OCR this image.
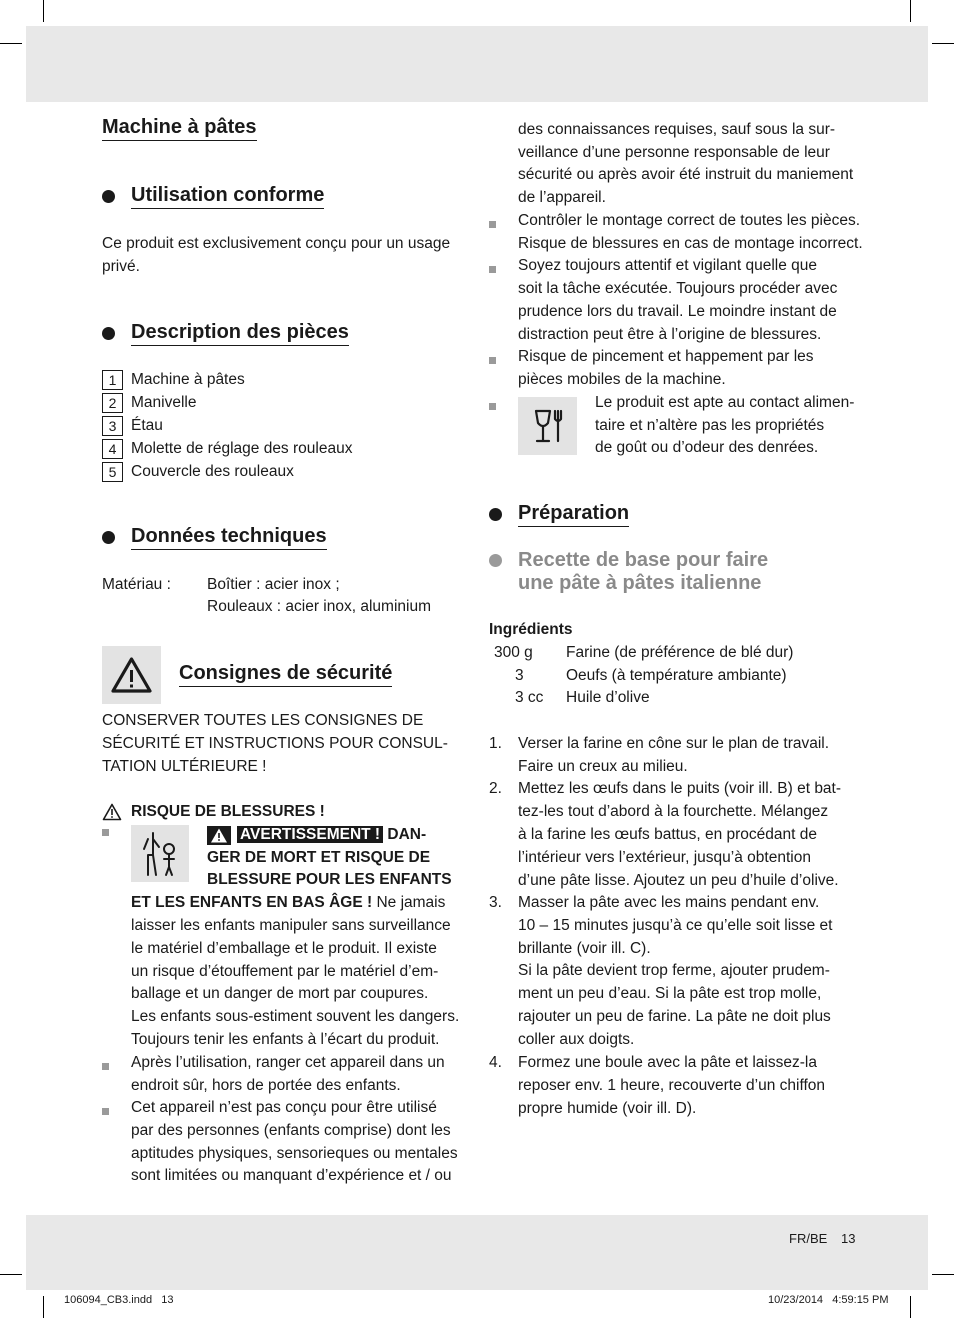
Machine à pâtes
Utilisation conforme
Ce produit est exclusivement conçu pour un usage
privé.
Description des pièces
1 Machine à pâtes
2 Manivelle
3 Étau
4 Molette de réglage des rouleaux
5 Couvercle des rouleaux
Données techniques
Matériau : Boîtier : acier inox ;
Rouleaux : acier inox, aluminium
Consignes de sécurité
CONSERVER TOUTES LES CONSIGNES DE
SÉCURITÉ ET INSTRUCTIONS POUR CONSUL-
TATION ULTÉRIEURE !
RISQUE DE BLESSURES !
AVERTISSEMENT ! DAN-
GER DE MORT ET RISQUE DE
BLESSURE POUR LES ENFANTS
ET LES ENFANTS EN BAS ÂGE ! Ne jamais
laisser les enfants manipuler sans surveillance
le matériel d’emballage et le produit. Il existe
un risque d’étouffement par le matériel d’em-
ballage et un danger de mort par coupures.
Les enfants sous-estiment souvent les dangers.
Toujours tenir les enfants à l’écart du produit.
Après l’utilisation, ranger cet appareil dans un
endroit sûr, hors de portée des enfants.
Cet appareil n’est pas conçu pour être utilisé
par des personnes (enfants comprise) dont les
aptitudes physiques, sensorieques ou mentales
sont limitées ou manquant d’expérience et / ou
des connaissances requises, sauf sous la sur-
veillance d’une personne responsable de leur
sécurité ou après avoir été instruit du maniement
de l’appareil.
Contrôler le montage correct de toutes les pièces.
Risque de blessures en cas de montage incorrect.
Soyez toujours attentif et vigilant quelle que
soit la tâche exécutée. Toujours procéder avec
prudence lors du travail. Le moindre instant de
distraction peut être à l’origine de blessures.
Risque de pincement et happement par les
pièces mobiles de la machine.
Le produit est apte au contact alimen-
taire et n’altère pas les propriétés
de goût ou d’odeur des denrées.
Préparation
Recette de base pour faire
une pâte à pâtes italienne
Ingrédients
300 g Farine (de préférence de blé dur)
3	Oeufs (à température ambiante)
3 cc Huile d’olive
1. Verser la farine en cône sur le plan de travail.
Faire un creux au milieu.
2. Mettez les œufs dans le puits (voir ill. B) et bat-
tez-les tout d’abord à la fourchette. Mélangez
à la farine les œufs battus, en procédant de
l’intérieur vers l’extérieur, jusqu’à obtention
d’une pâte lisse. Ajoutez un peu d’huile d’olive.
3. Masser la pâte avec les mains pendant env.
10 – 15 minutes jusqu’à ce qu’elle soit lisse et
brillante (voir ill. C).
Si la pâte devient trop ferme, ajouter prudem-
ment un peu d’eau. Si la pâte est trop molle,
rajouter un peu de farine. La pâte ne doit plus
coller aux doigts.
4. Formez une boule avec la pâte et laissez-la
reposer env. 1 heure, recouverte d’un chiffon
propre humide (voir ill. D).
FR/BE 13
106094_CB3.indd   13	10/23/2014   4:59:15 PM
